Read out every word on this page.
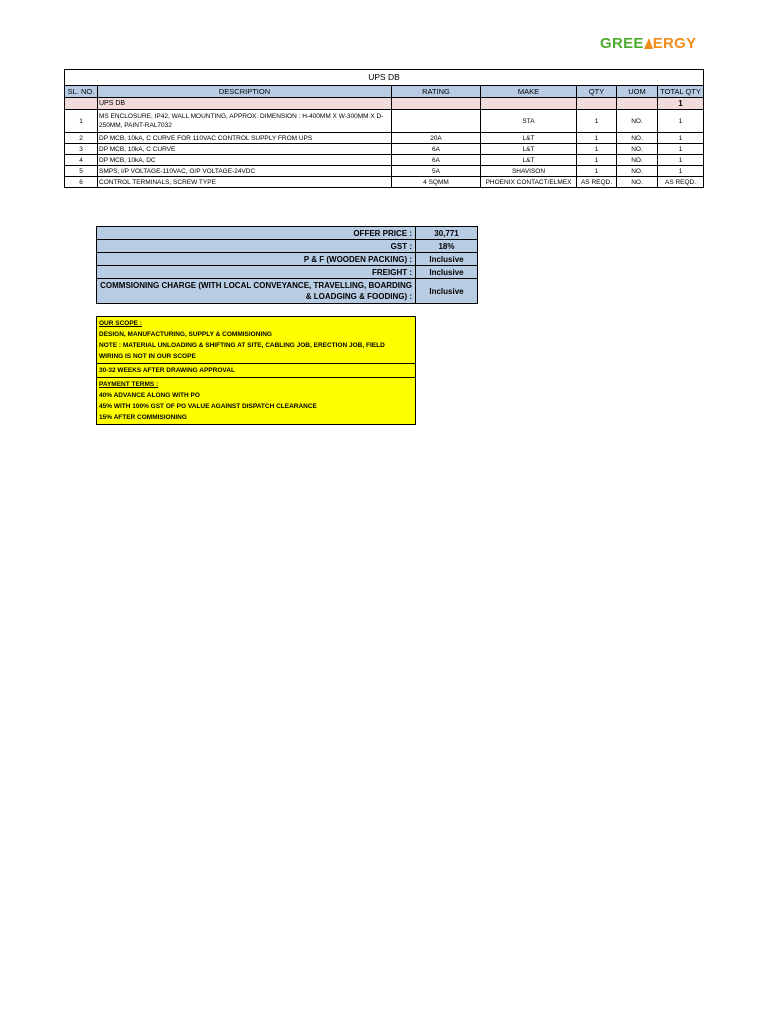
GREE ERGY
UPS DB						
SL. NO.	DESCRIPTION	RATING	MAKE	QTY	UOM	TOTAL QTY
	UPS DB					1
1	MS ENCLOSURE, IP42, WALL MOUNTING, APPROX. DIMENSION : H-400MM X W-300MM X D-250MM, PAINT-RAL7032		STA	1	NO.	1
2	DP MCB, 10kA, C CURVE FOR 110VAC CONTROL SUPPLY FROM UPS	20A	L&T	1	NO.	1
3	DP MCB, 10kA, C CURVE	6A	L&T	1	NO.	1
4	DP MCB, 10kA, DC	6A	L&T	1	NO.	1
5	SMPS, I/P VOLTAGE-110VAC, O/P VOLTAGE-24VDC	5A	SHAVISON	1	NO.	1
6	CONTROL TERMINALS, SCREW TYPE	4 SQMM	PHOENIX CONTACT/ELMEX	AS REQD.	NO.	AS REQD.
OFFER PRICE :	30,771
GST :	18%
P & F (WOODEN PACKING) :	Inclusive
FREIGHT :	Inclusive

COMMSIONING CHARGE (WITH LOCAL CONVEYANCE, TRAVELLING, BOARDING
& LOADGING & FOODING) :	Inclusive
OUR SCOPE :
DESIGN, MANUFACTURING, SUPPLY & COMMISIONING
NOTE : MATERIAL UNLOADING & SHIFTING AT SITE, CABLING JOB, ERECTION JOB, FIELD
WIRING IS NOT IN OUR SCOPE
30-32 WEEKS AFTER DRAWING APPROVAL
PAYMENT TERMS :
40% ADVANCE ALONG WITH PO
45% WITH 100% GST OF PO VALUE AGAINST DISPATCH CLEARANCE
15% AFTER COMMISIONING
